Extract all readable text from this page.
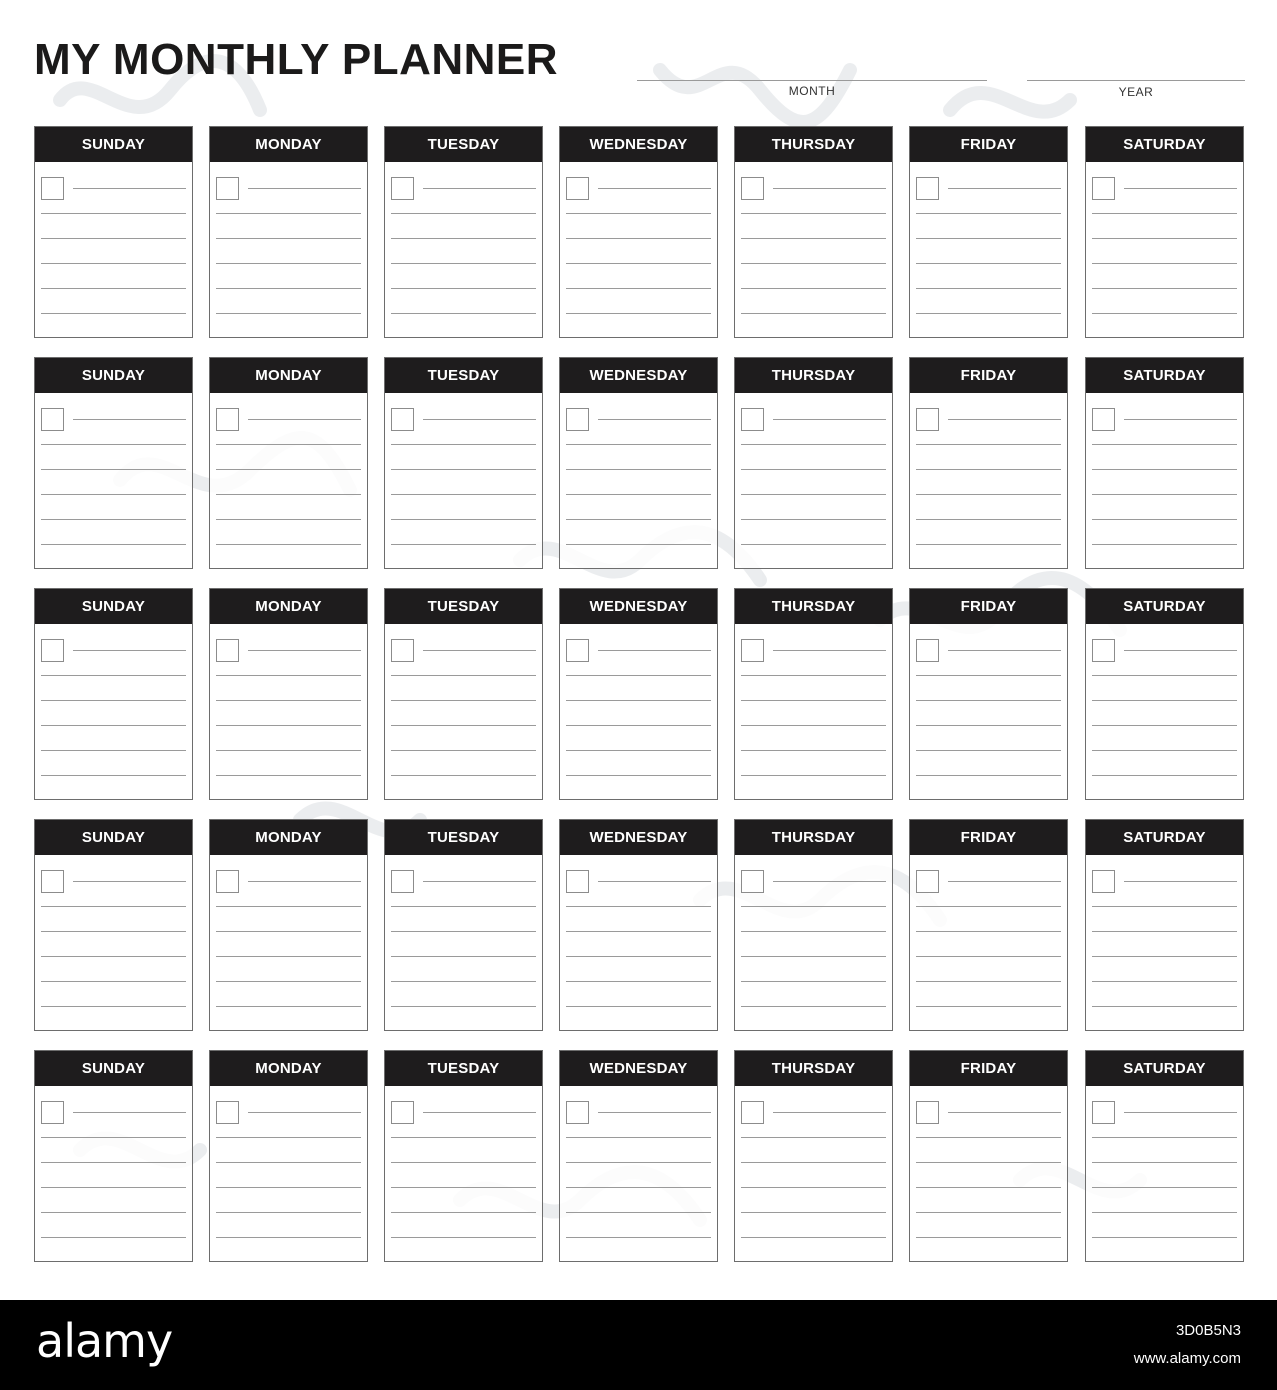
MY MONTHLY PLANNER
MONTH	YEAR
SUNDAY	MONDAY	TUESDAY	WEDNESDAY	THURSDAY	FRIDAY	SATURDAY
SUNDAY	MONDAY	TUESDAY	WEDNESDAY	THURSDAY	FRIDAY	SATURDAY
SUNDAY	MONDAY	TUESDAY	WEDNESDAY	THURSDAY	FRIDAY	SATURDAY
SUNDAY	MONDAY	TUESDAY	WEDNESDAY	THURSDAY	FRIDAY	SATURDAY
SUNDAY	MONDAY	TUESDAY	WEDNESDAY	THURSDAY	FRIDAY	SATURDAY
alamy	3D0B5N3
www.alamy.com
